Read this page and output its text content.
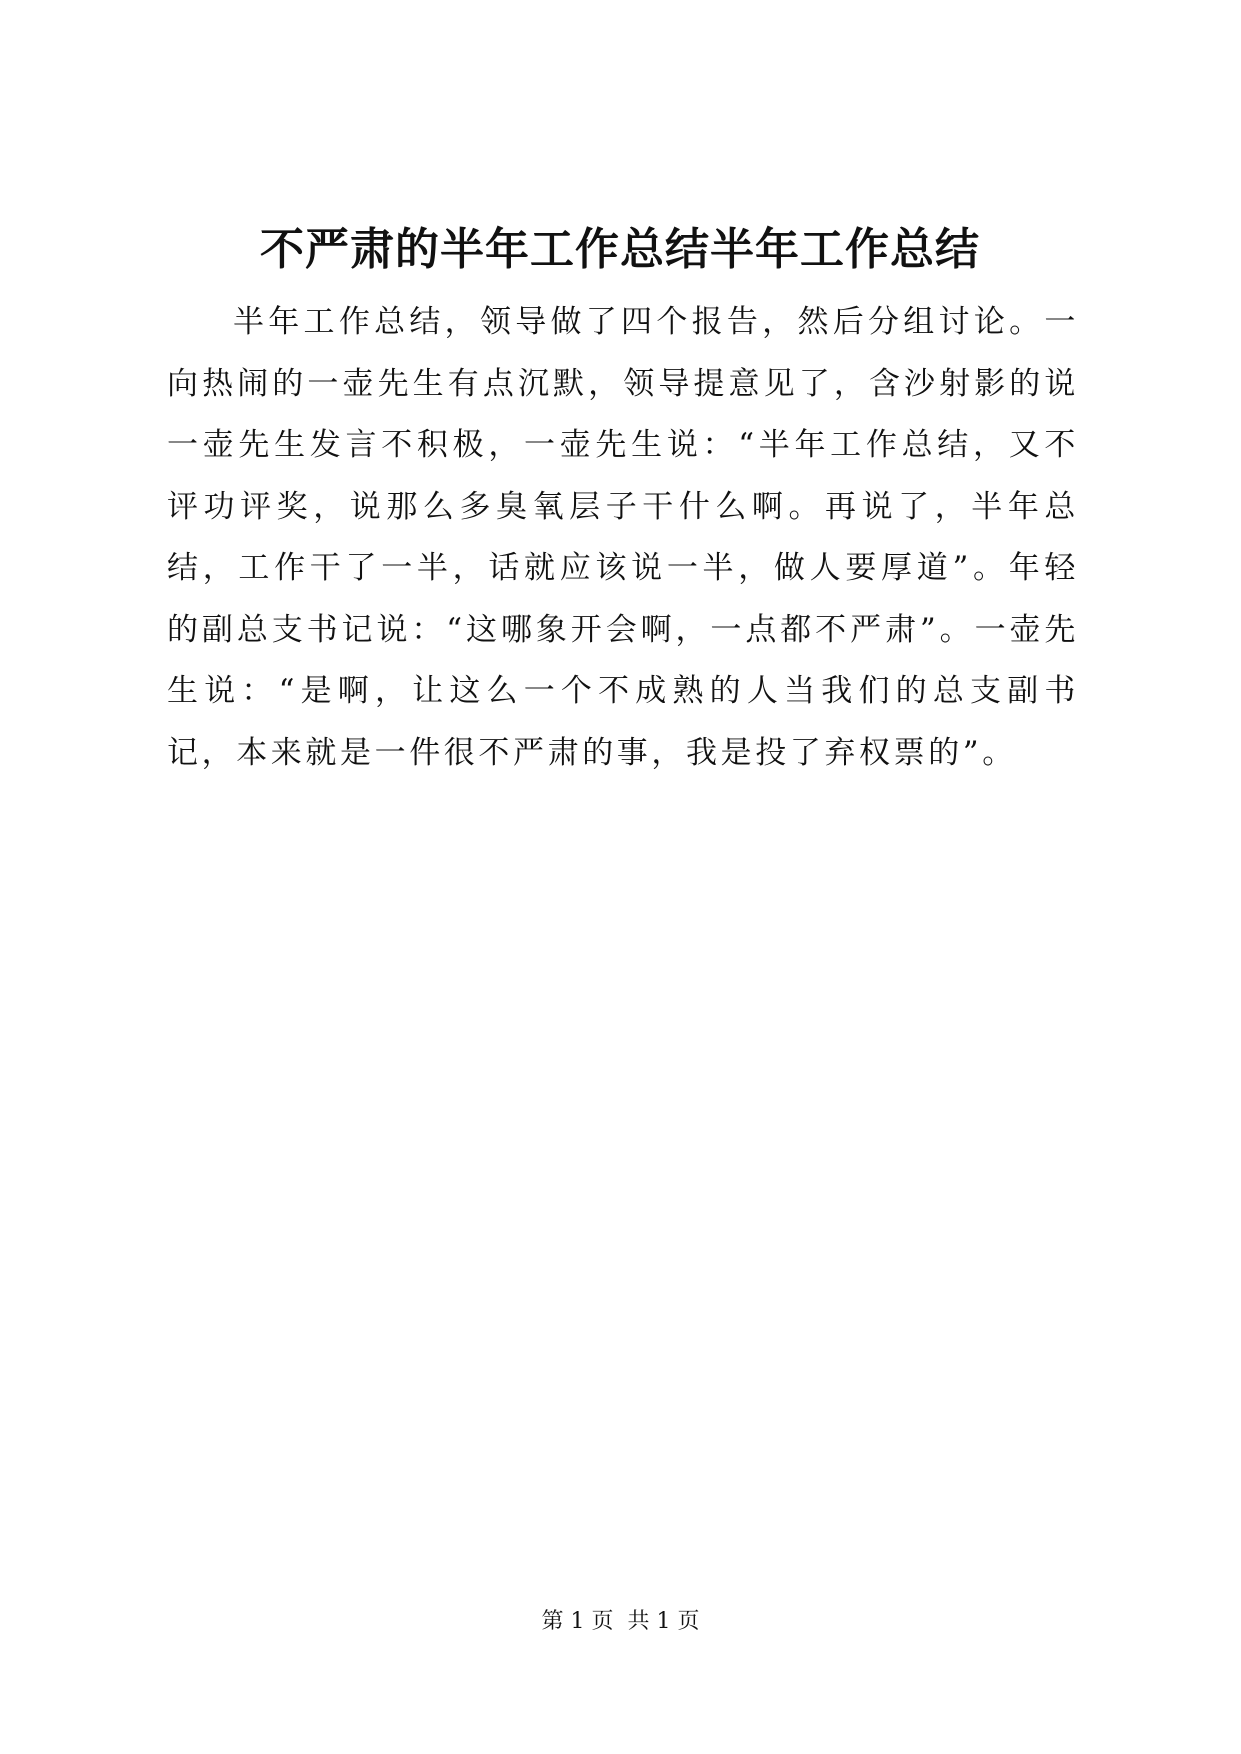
不严肃的半年工作总结半年工作总结

半年工作总结，领导做了四个报告，然后分组讨论。一向热闹的一壶先生有点沉默，领导提意见了，含沙射影的说一壶先生发言不积极，一壶先生说：“半年工作总结，又不评功评奖，说那么多臭氧层子干什么啊。再说了，半年总结，工作干了一半，话就应该说一半，做人要厚道”。年轻的副总支书记说：“这哪象开会啊，一点都不严肃”。一壶先生说：“是啊，让这么一个不成熟的人当我们的总支副书记，本来就是一件很不严肃的事，我是投了弃权票的”。

第 1 页  共 1 页
